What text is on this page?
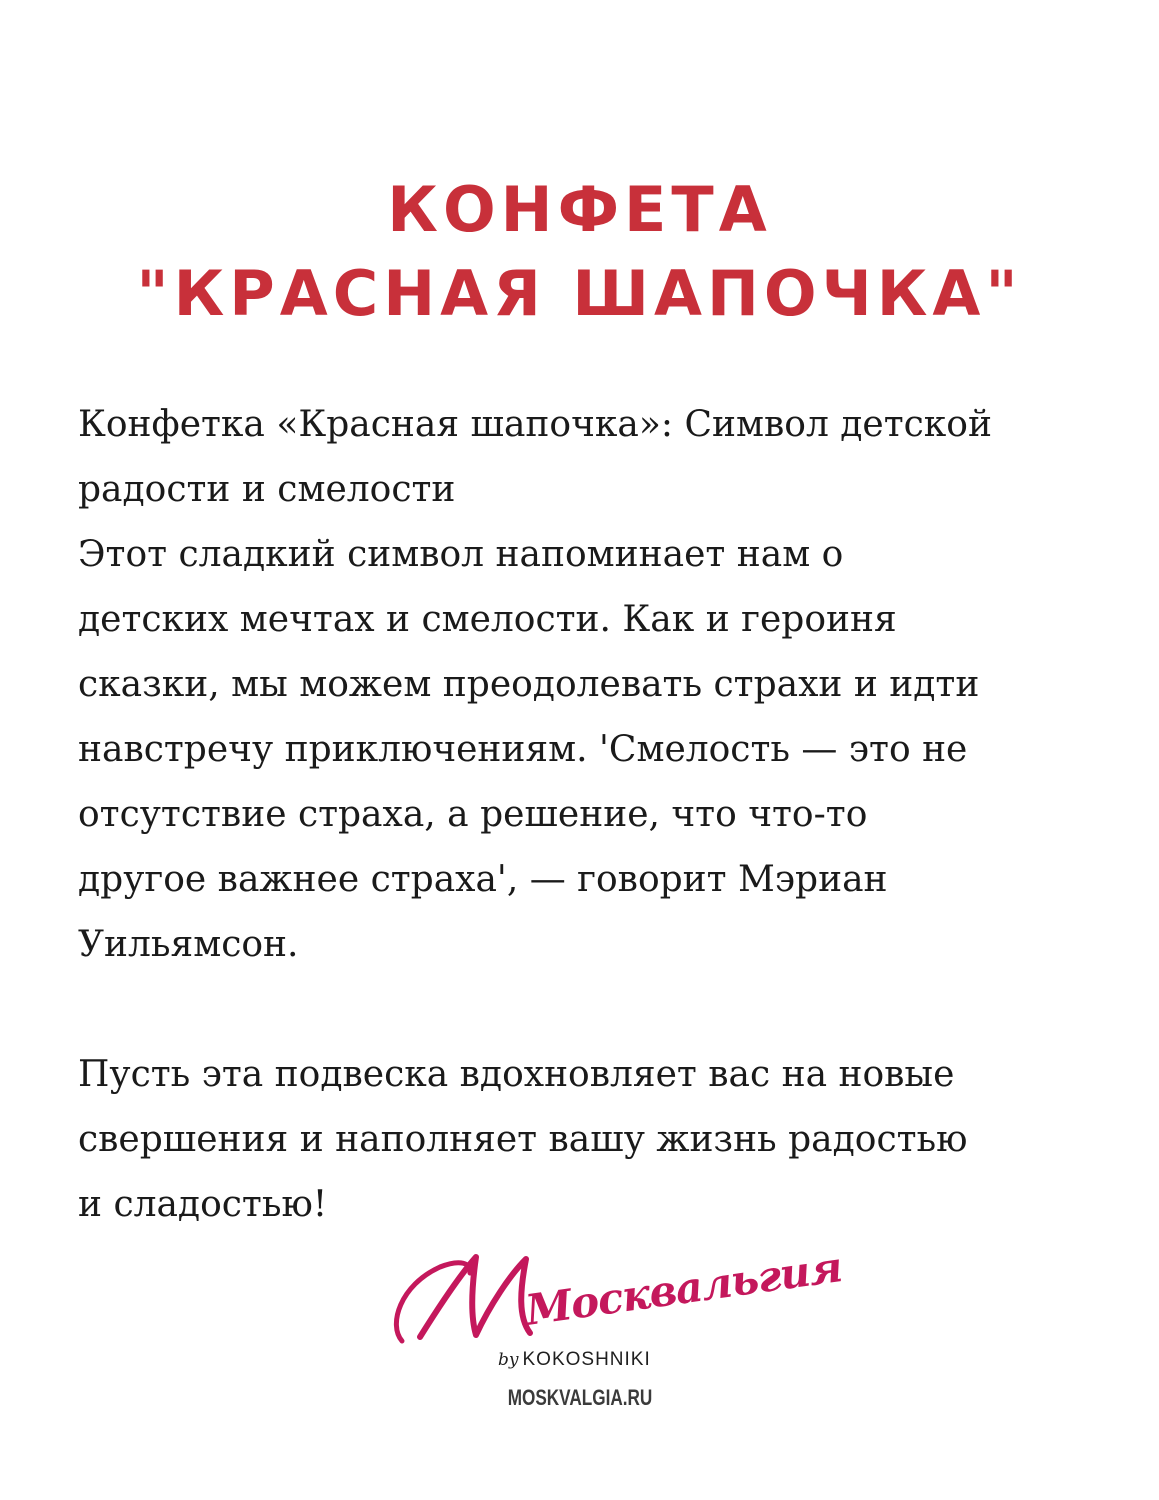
КОНФЕТА
"КРАСНАЯ ШАПОЧКА"

Конфетка «Красная шапочка»: Символ детской
радости и смелости
Этот сладкий символ напоминает нам о
детских мечтах и смелости. Как и героиня
сказки, мы можем преодолевать страхи и идти
навстречу приключениям. 'Смелость — это не
отсутствие страха, а решение, что что-то
другое важнее страха', — говорит Мэриан
Уильямсон.

Пусть эта подвеска вдохновляет вас на новые
свершения и наполняет вашу жизнь радостью
и сладостью!

Москвальгия
by KOKOSHNIKI
MOSKVALGIA.RU
